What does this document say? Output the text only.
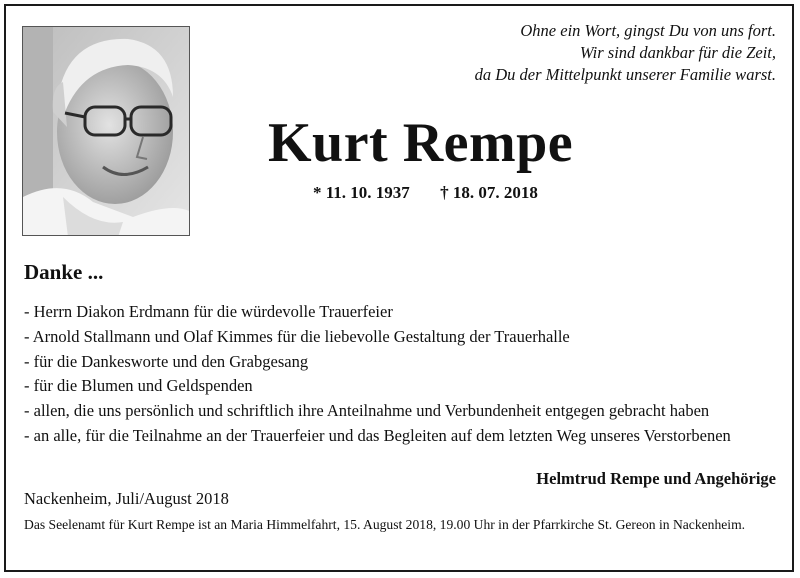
Ohne ein Wort, gingst Du von uns fort.
Wir sind dankbar für die Zeit,
da Du der Mittelpunkt unserer Familie warst.
Kurt Rempe
* 11. 10. 1937 † 18. 07. 2018
Danke ...
- Herrn Diakon Erdmann für die würdevolle Trauerfeier
- Arnold Stallmann und Olaf Kimmes für die liebevolle Gestaltung der Trauerhalle
- für die Dankesworte und den Grabgesang
- für die Blumen und Geldspenden
- allen, die uns persönlich und schriftlich ihre Anteilnahme und Verbundenheit entgegen gebracht haben
- an alle, für die Teilnahme an der Trauerfeier und das Begleiten auf dem letzten Weg unseres Verstorbenen
Helmtrud Rempe und Angehörige
Nackenheim, Juli/August 2018
Das Seelenamt für Kurt Rempe ist an Maria Himmelfahrt, 15. August 2018, 19.00 Uhr in der Pfarrkirche St. Gereon in Nackenheim.
